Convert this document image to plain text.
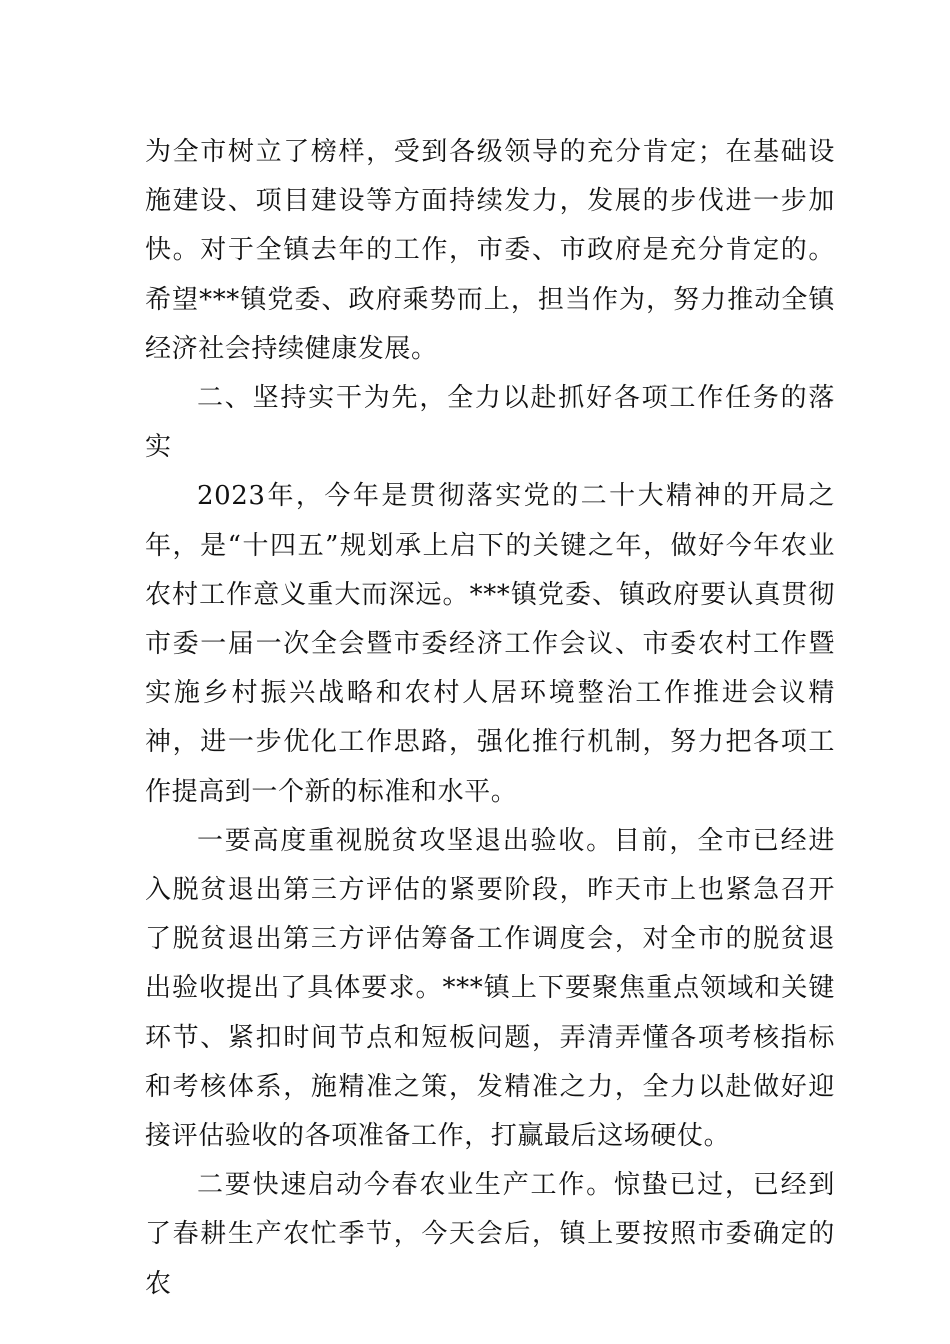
为全市树立了榜样，受到各级领导的充分肯定；在基础设施建设、项目建设等方面持续发力，发展的步伐进一步加快。对于全镇去年的工作，市委、市政府是充分肯定的。希望***镇党委、政府乘势而上，担当作为，努力推动全镇经济社会持续健康发展。

二、坚持实干为先，全力以赴抓好各项工作任务的落实

2023年，今年是贯彻落实党的二十大精神的开局之年，是“十四五”规划承上启下的关键之年，做好今年农业农村工作意义重大而深远。***镇党委、镇政府要认真贯彻市委一届一次全会暨市委经济工作会议、市委农村工作暨实施乡村振兴战略和农村人居环境整治工作推进会议精神，进一步优化工作思路，强化推行机制，努力把各项工作提高到一个新的标准和水平。

一要高度重视脱贫攻坚退出验收。目前，全市已经进入脱贫退出第三方评估的紧要阶段，昨天市上也紧急召开了脱贫退出第三方评估筹备工作调度会，对全市的脱贫退出验收提出了具体要求。***镇上下要聚焦重点领域和关键环节、紧扣时间节点和短板问题，弄清弄懂各项考核指标和考核体系，施精准之策，发精准之力，全力以赴做好迎接评估验收的各项准备工作，打赢最后这场硬仗。

二要快速启动今春农业生产工作。惊蛰已过，已经到了春耕生产农忙季节，今天会后，镇上要按照市委确定的农
